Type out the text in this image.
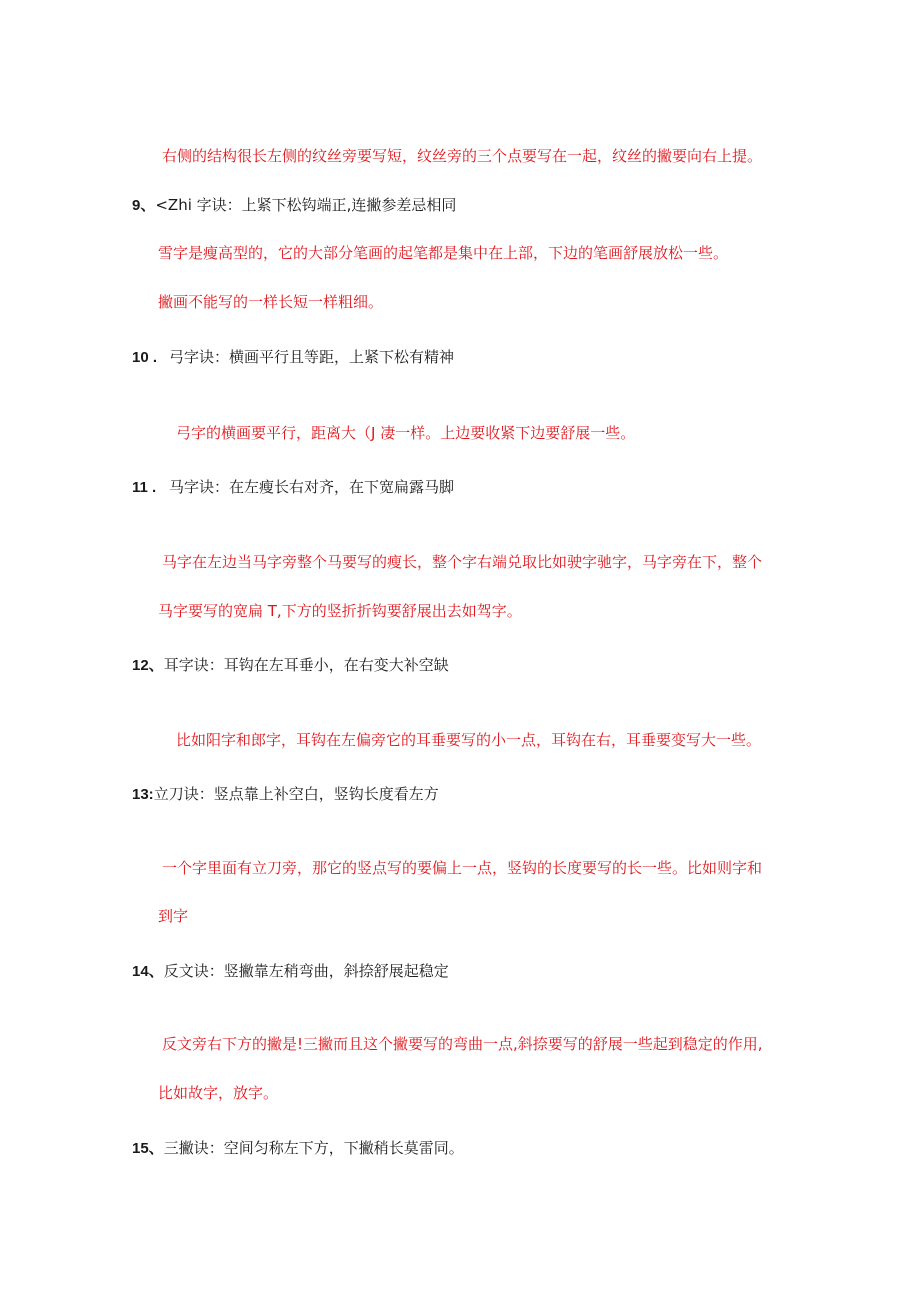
右侧的结构很长左侧的纹丝旁要写短，纹丝旁的三个点要写在一起，纹丝的撇要向右上提。
9、<Zhi 字诀：上紧下松钩端正,连撇参差忌相同
雪字是瘦高型的，它的大部分笔画的起笔都是集中在上部，下边的笔画舒展放松一些。
撇画不能写的一样长短一样粗细。
10 . 弓字诀：横画平行且等距，上紧下松有精神
弓字的横画要平行，距离大（J 凄一样。上边要收紧下边要舒展一些。
11 . 马字诀：在左瘦长右对齐，在下宽扁露马脚
马字在左边当马字旁整个马要写的瘦长，整个字右端兑取比如驶字驰字，马字旁在下，整个
马字要写的宽扁 T,下方的竖折折钩要舒展出去如驾字。
12、耳字诀：耳钩在左耳垂小，在右变大补空缺
比如阳字和郎字，耳钩在左偏旁它的耳垂要写的小一点，耳钩在右，耳垂要变写大一些。
13:立刀诀：竖点靠上补空白，竖钩长度看左方
一个字里面有立刀旁，那它的竖点写的要偏上一点，竖钩的长度要写的长一些。比如则字和
到字
14、反文诀：竖撇靠左稍弯曲，斜捺舒展起稳定
反文旁右下方的撇是!三撇而且这个撇要写的弯曲一点,斜捺要写的舒展一些起到稳定的作用,
比如故字，放字。
15、三撇诀：空间匀称左下方，下撇稍长莫雷同。
